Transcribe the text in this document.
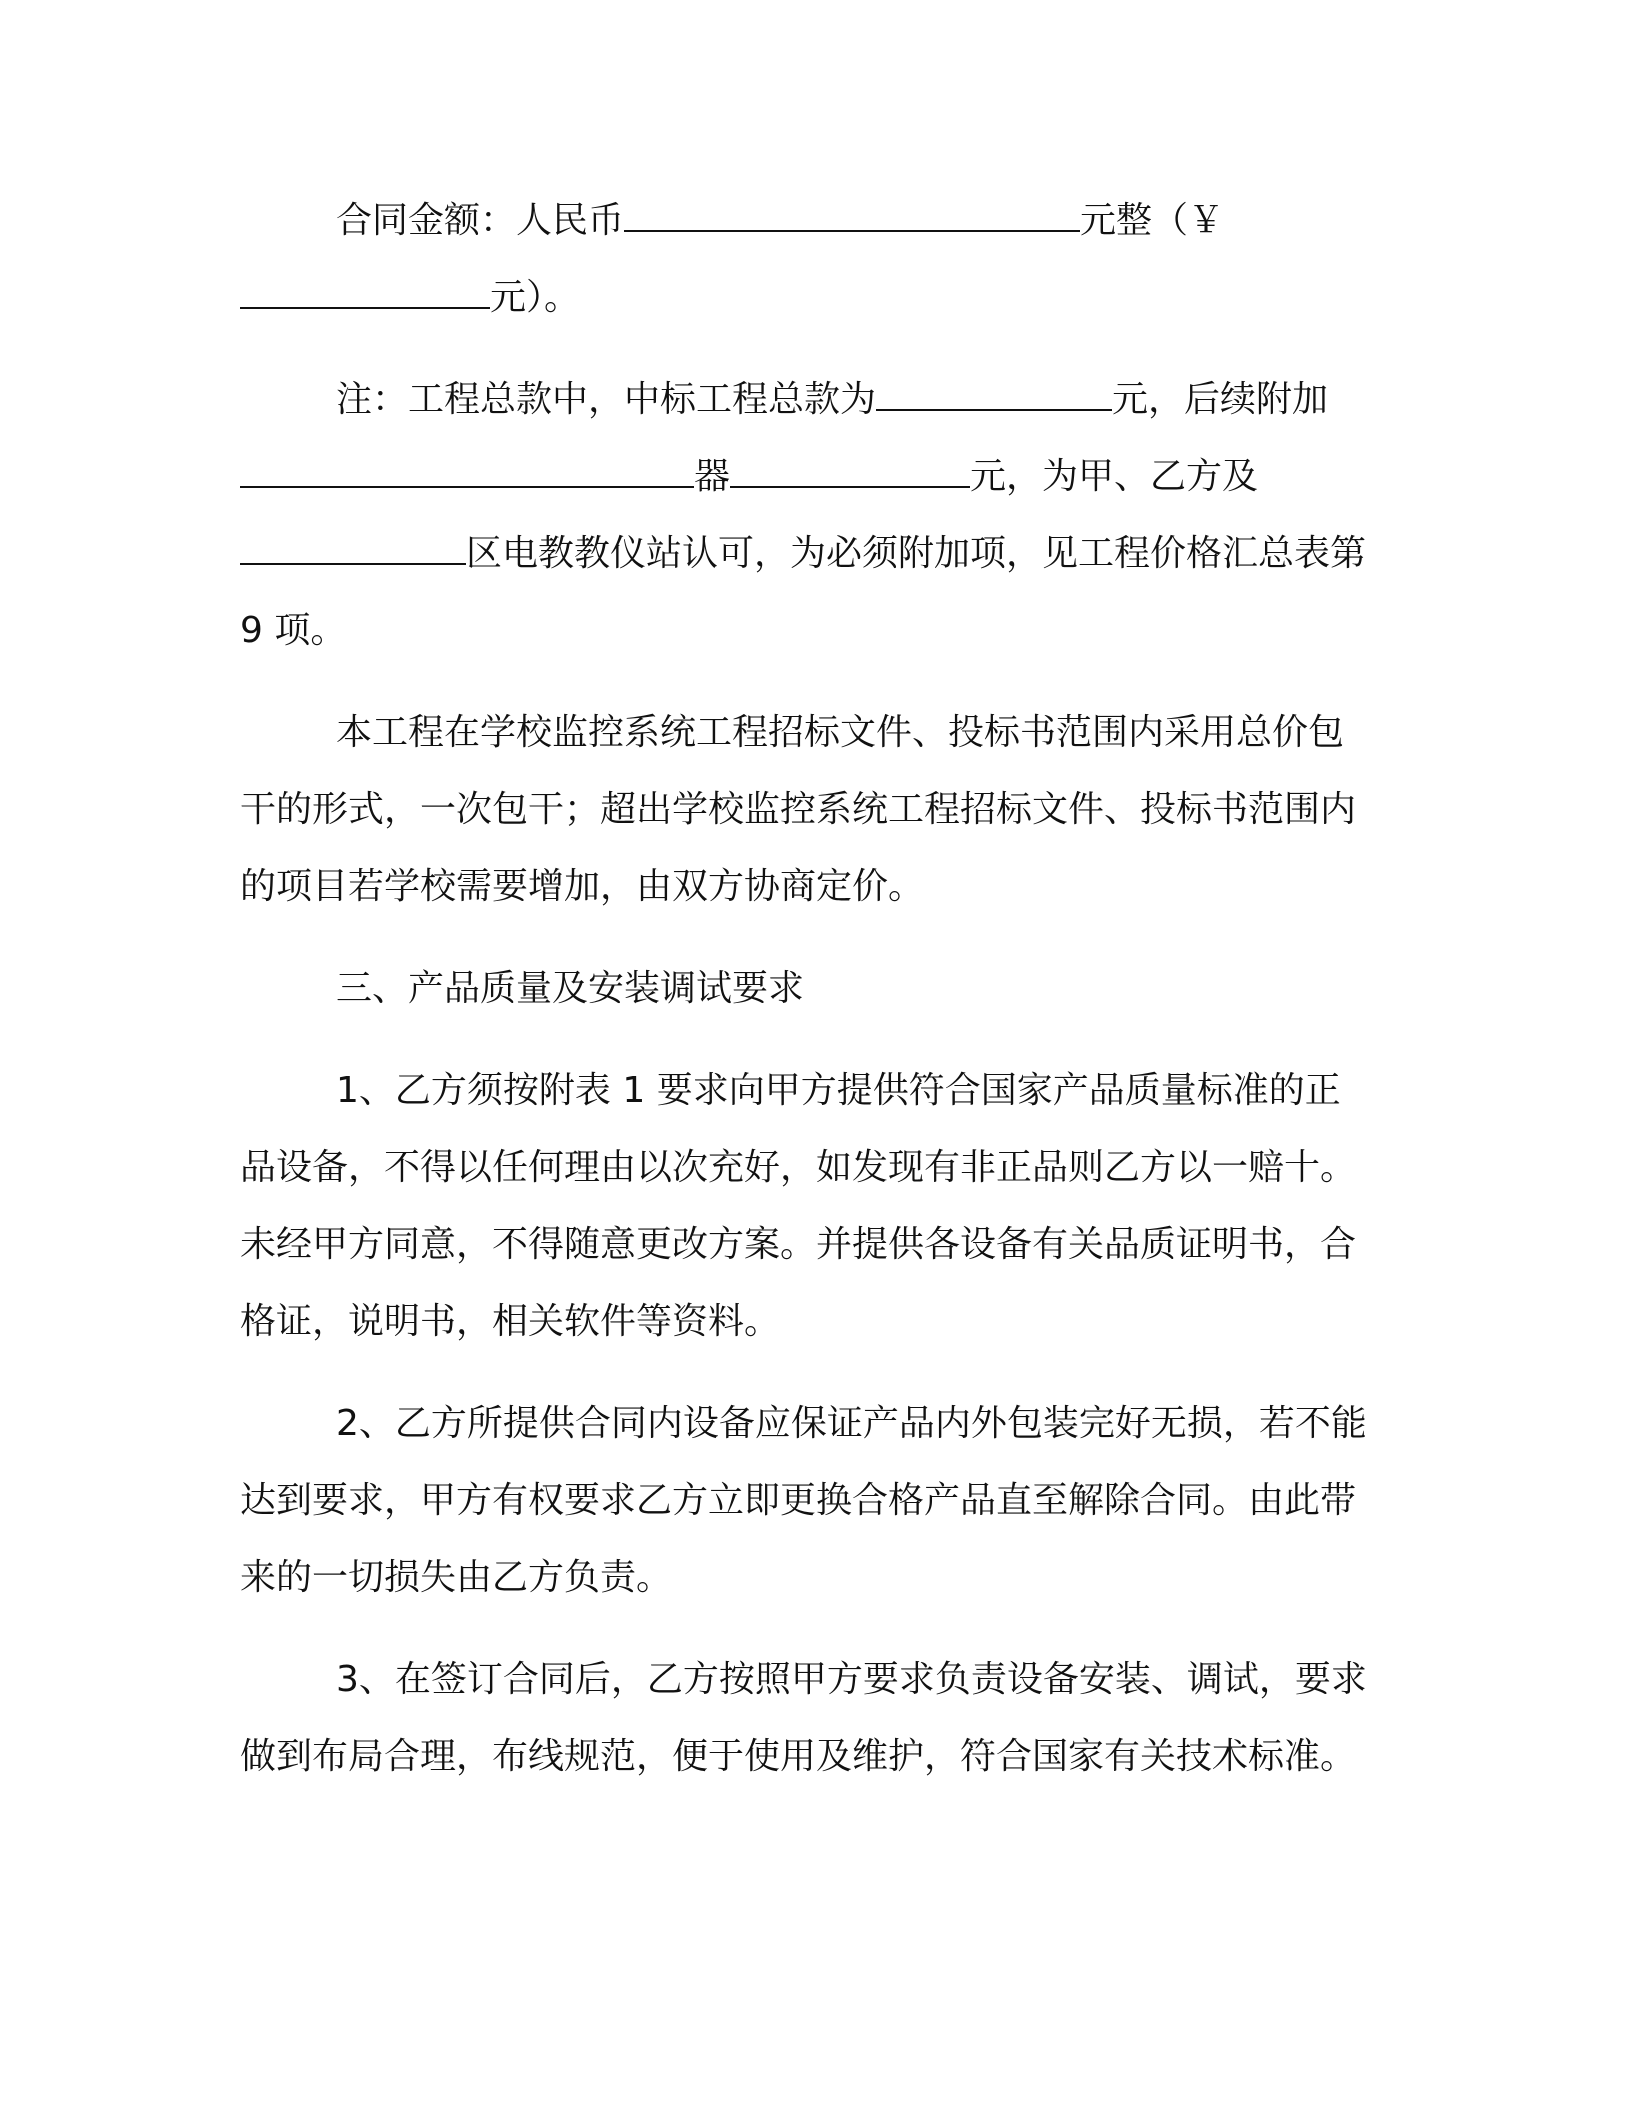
合同金额：人民币	元整（￥元）。

注：工程总款中，中标工程总款为	元，后续附加器	元，为甲、乙方及区电教教仪站认可，为必须附加项，见工程价格汇总表第 9 项。

本工程在学校监控系统工程招标文件、投标书范围内采用总价包干的形式，一次包干；超出学校监控系统工程招标文件、投标书范围内的项目若学校需要增加，由双方协商定价。

三、产品质量及安装调试要求

1、乙方须按附表 1 要求向甲方提供符合国家产品质量标准的正品设备，不得以任何理由以次充好，如发现有非正品则乙方以一赔十。未经甲方同意，不得随意更改方案。并提供各设备有关品质证明书，合格证，说明书，相关软件等资料。

2、乙方所提供合同内设备应保证产品内外包装完好无损，若不能达到要求，甲方有权要求乙方立即更换合格产品直至解除合同。由此带来的一切损失由乙方负责。

3、在签订合同后，乙方按照甲方要求负责设备安装、调试，要求做到布局合理，布线规范，便于使用及维护，符合国家有关技术标准。
